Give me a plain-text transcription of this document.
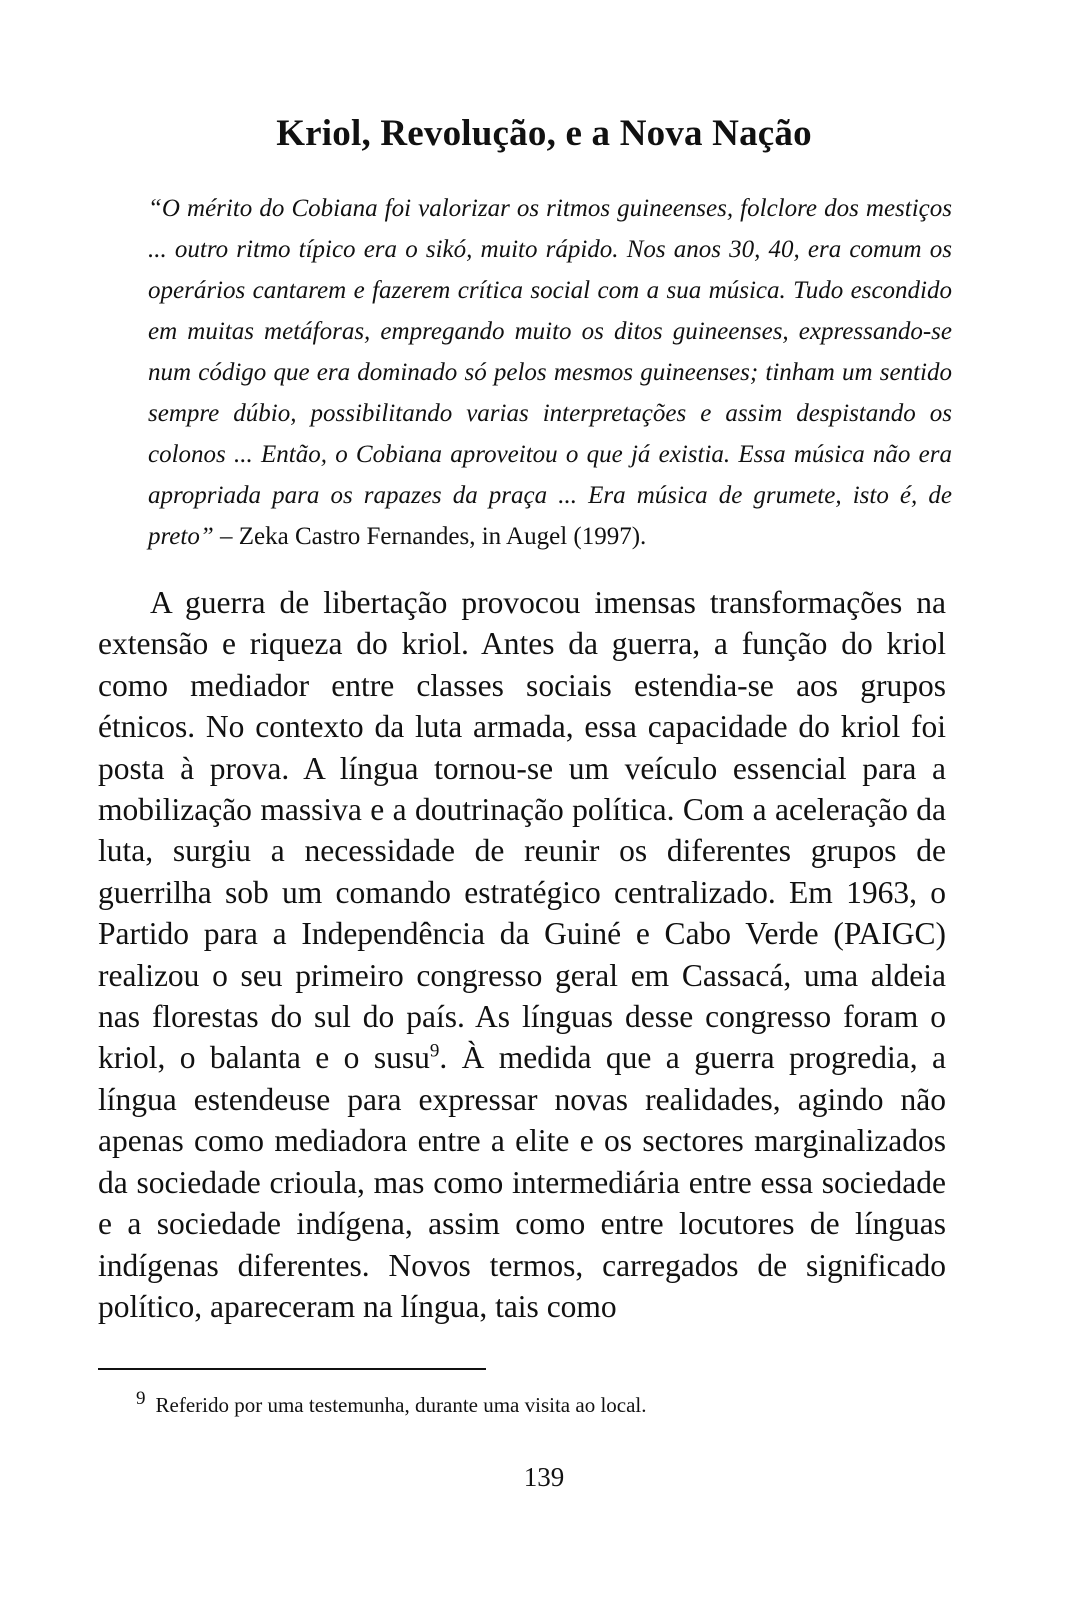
Kriol, Revolução, e a Nova Nação

“O mérito do Cobiana foi valorizar os ritmos guineenses, folclore dos mestiços ... outro ritmo típico era o sikó, muito rápido. Nos anos 30, 40, era comum os operários cantarem e fazerem crítica social com a sua música. Tudo escondido em muitas metáforas, empregando muito os ditos guineenses, expressando-se num código que era dominado só pelos mesmos guineenses; tinham um sentido sempre dúbio, possibilitando varias interpretações e assim despistando os colonos ... Então, o Cobiana aproveitou o que já existia. Essa música não era apropriada para os rapazes da praça ... Era música de grumete, isto é, de preto” – Zeka Castro Fernandes, in Augel (1997).

A guerra de libertação provocou imensas transformações na extensão e riqueza do kriol. Antes da guerra, a função do kriol como mediador entre classes sociais estendia-se aos grupos étnicos. No contexto da luta armada, essa capacidade do kriol foi posta à prova. A língua tornou-se um veículo essencial para a mobilização massiva e a doutrinação política. Com a aceleração da luta, surgiu a necessidade de reunir os diferentes grupos de guerrilha sob um comando estratégico centralizado. Em 1963, o Partido para a Independência da Guiné e Cabo Verde (PAIGC) realizou o seu primeiro congresso geral em Cassacá, uma aldeia nas florestas do sul do país. As línguas desse congresso foram o kriol, o balanta e o susu$^9$. À medida que a guerra progredia, a língua estendeuse para expressar novas realidades, agindo não apenas como mediadora entre a elite e os sectores marginalizados da sociedade crioula, mas como intermediária entre essa sociedade e a sociedade indígena, assim como entre locutores de línguas indígenas diferentes. Novos termos, carregados de significado político, apareceram na língua, tais como

9 Referido por uma testemunha, durante uma visita ao local.

139
